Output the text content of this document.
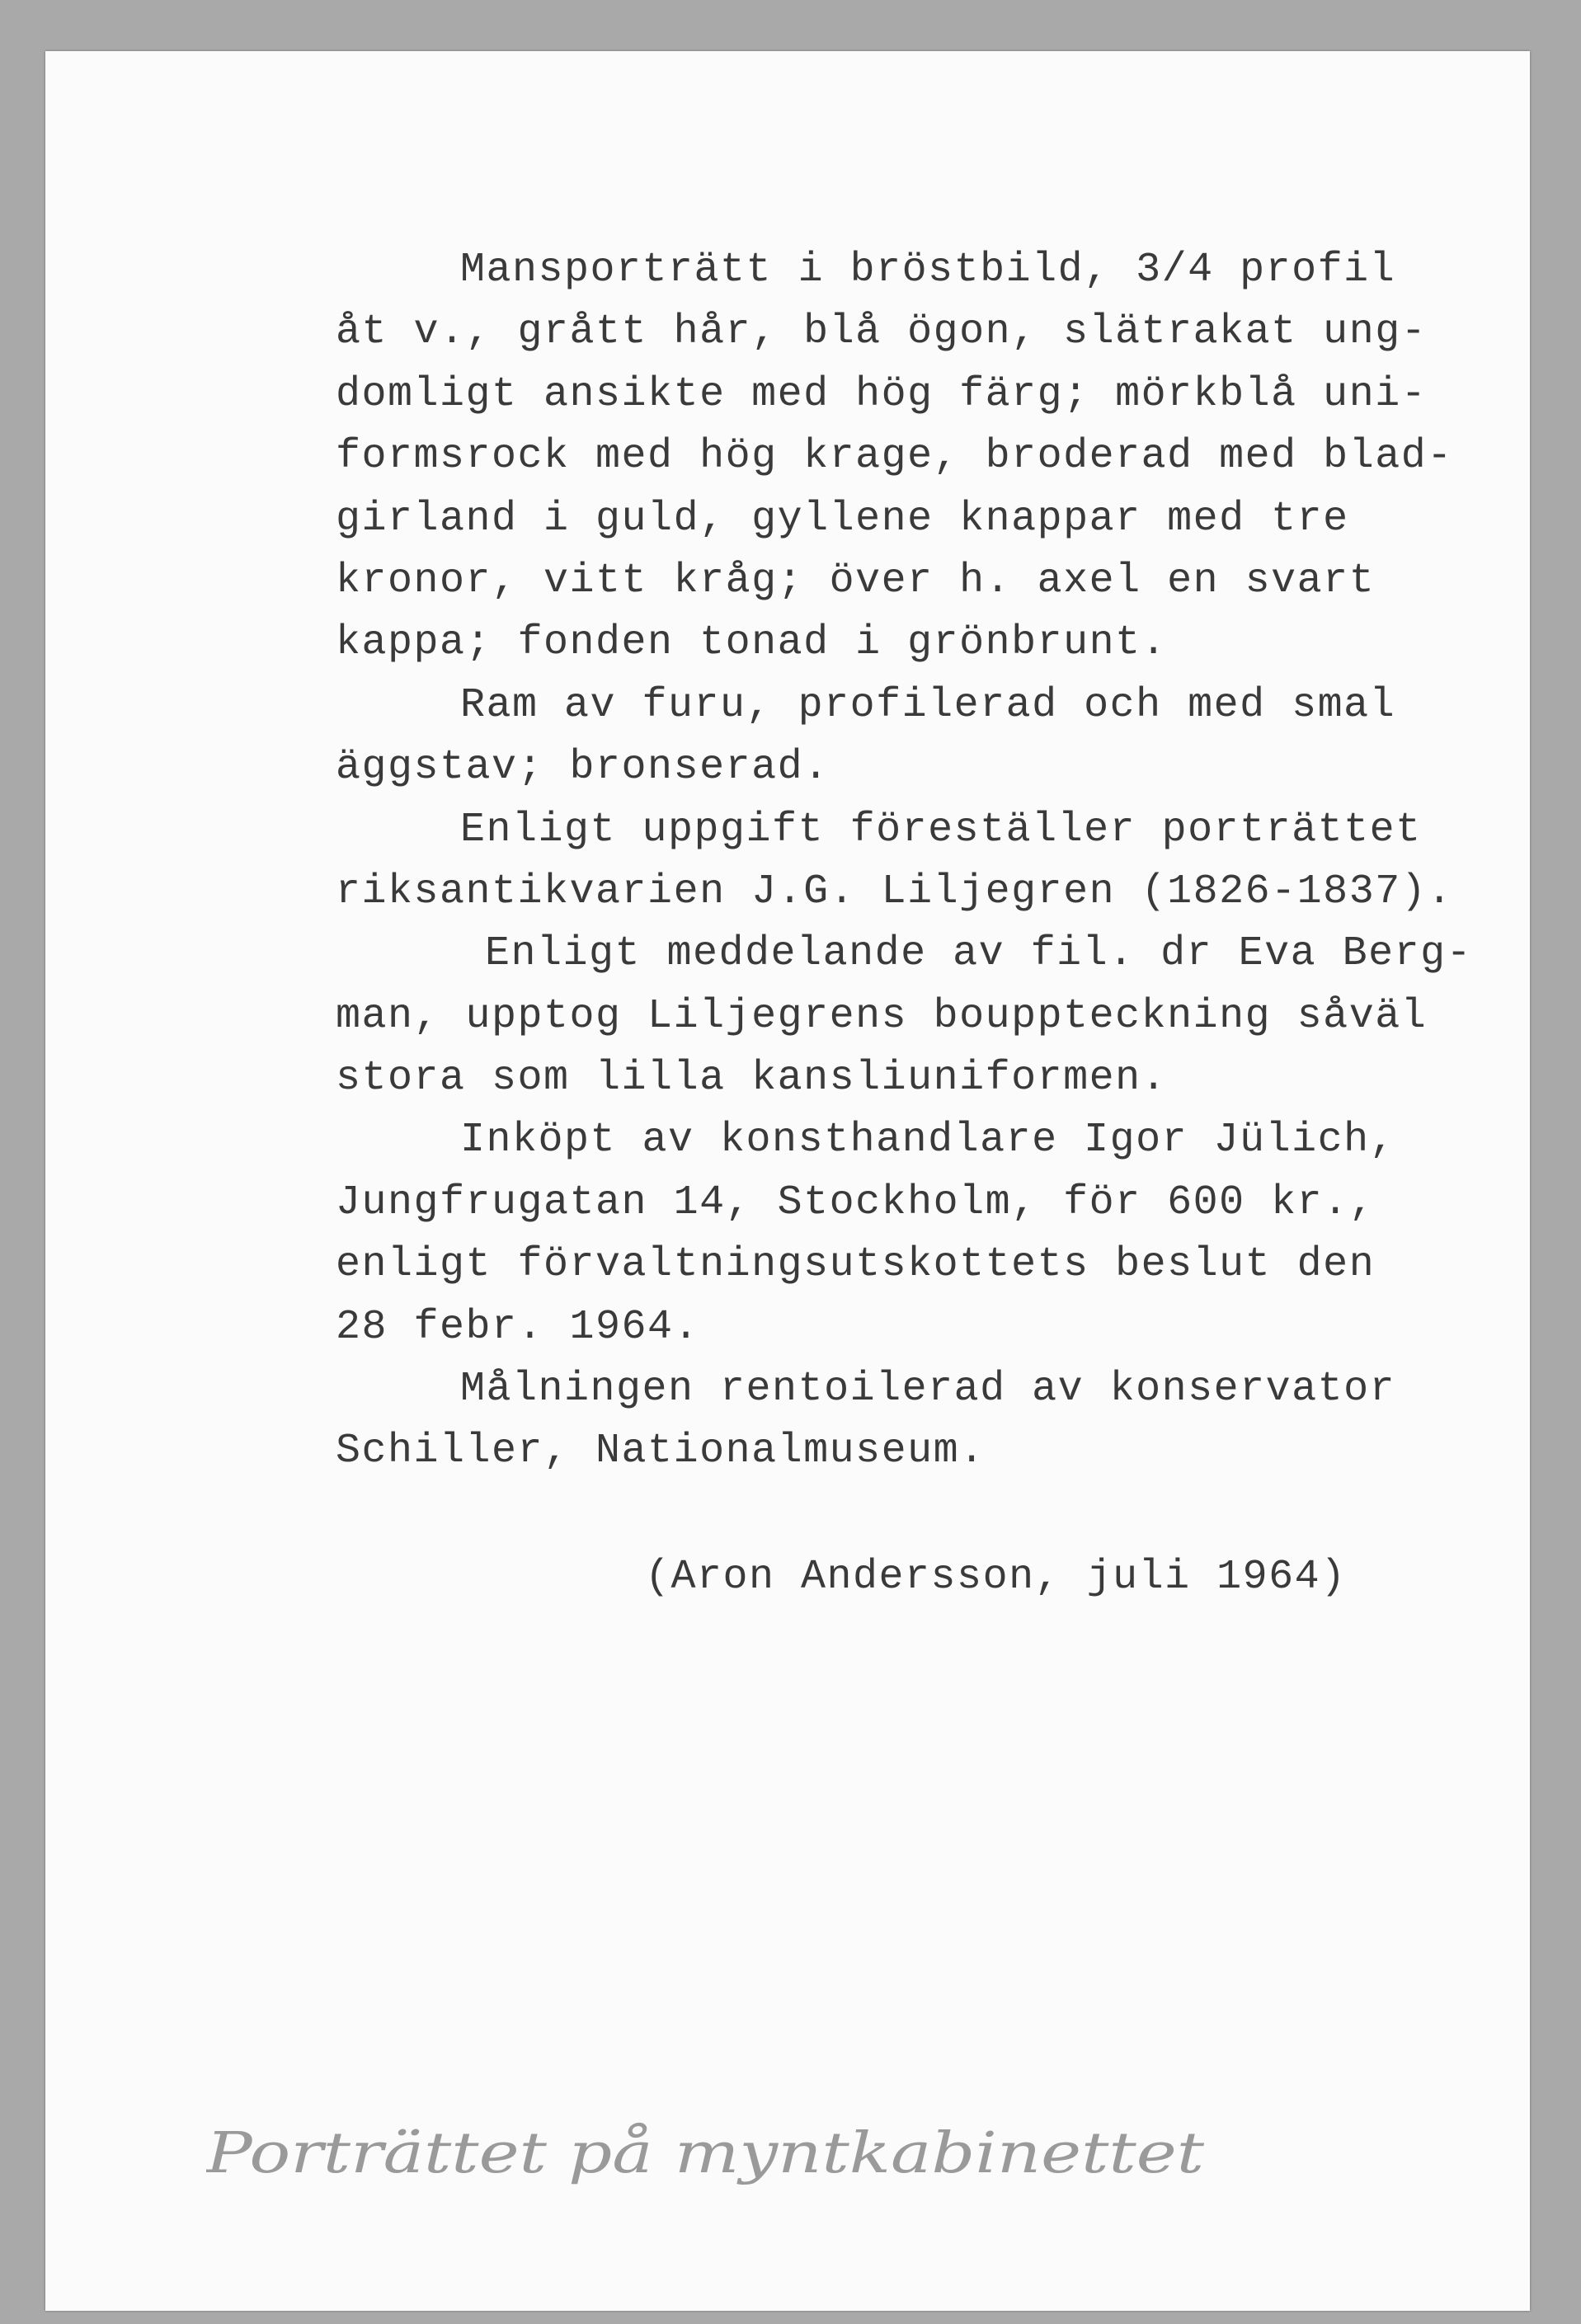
Mansporträtt i bröstbild, 3/4 profil
åt v., grått hår, blå ögon, slätrakat ung-
domligt ansikte med hög färg; mörkblå uni-
formsrock med hög krage, broderad med blad-
girland i guld, gyllene knappar med tre
kronor, vitt kråg; över h. axel en svart
kappa; fonden tonad i grönbrunt.
Ram av furu, profilerad och med smal
äggstav; bronserad.
Enligt uppgift föreställer porträttet
riksantikvarien J.G. Liljegren (1826-1837).
Enligt meddelande av fil. dr Eva Berg-
man, upptog Liljegrens bouppteckning såväl
stora som lilla kansliuniformen.
Inköpt av konsthandlare Igor Jülich,
Jungfrugatan 14, Stockholm, för 600 kr.,
enligt förvaltningsutskottets beslut den
28 febr. 1964.
Målningen rentoilerad av konservator
Schiller, Nationalmuseum.
(Aron Andersson, juli 1964)
Porträttet på myntkabinettet
